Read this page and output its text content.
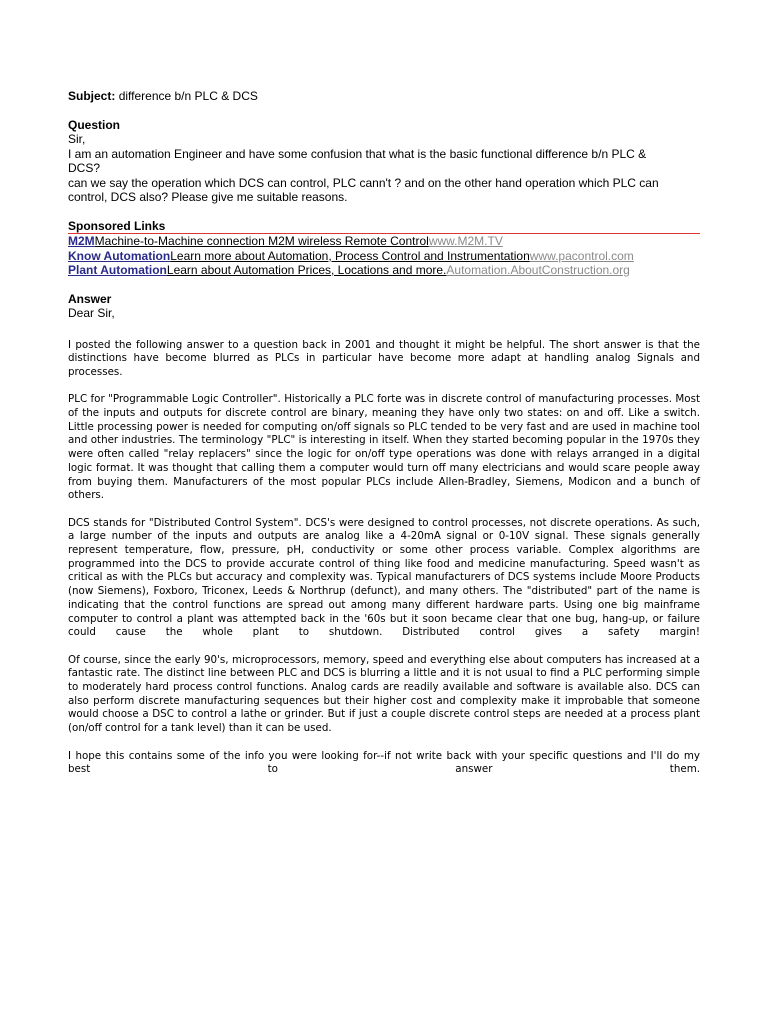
Subject: difference b/n PLC & DCS
Question
Sir,
I am an automation Engineer and have some confusion that what is the basic functional difference b/n PLC &
DCS?
can we say the operation which DCS can control, PLC cann't ? and on the other hand operation which PLC can
control, DCS also? Please give me suitable reasons.
Sponsored Links
M2MMachine-to-Machine connection M2M wireless Remote Controlwww.M2M.TV
Know AutomationLearn more about Automation, Process Control and Instrumentationwww.pacontrol.com
Plant AutomationLearn about Automation Prices, Locations and more.Automation.AboutConstruction.org
Answer
Dear Sir,

I posted the following answer to a question back in 2001 and thought it might be helpful. The short answer is that the distinctions have become blurred as PLCs in particular have become more adapt at handling analog Signals and processes.

PLC for "Programmable Logic Controller". Historically a PLC forte was in discrete control of manufacturing processes. Most of the inputs and outputs for discrete control are binary, meaning they have only two states: on and off. Like a switch. Little processing power is needed for computing on/off signals so PLC tended to be very fast and are used in machine tool and other industries. The terminology "PLC" is interesting in itself. When they started becoming popular in the 1970s they were often called "relay replacers" since the logic for on/off type operations was done with relays arranged in a digital logic format. It was thought that calling them a computer would turn off many electricians and would scare people away from buying them. Manufacturers of the most popular PLCs include Allen-Bradley, Siemens, Modicon and a bunch of others.

DCS stands for "Distributed Control System". DCS's were designed to control processes, not discrete operations. As such, a large number of the inputs and outputs are analog like a 4-20mA signal or 0-10V signal. These signals generally represent temperature, flow, pressure, pH, conductivity or some other process variable. Complex algorithms are programmed into the DCS to provide accurate control of thing like food and medicine manufacturing. Speed wasn't as critical as with the PLCs but accuracy and complexity was. Typical manufacturers of DCS systems include Moore Products (now Siemens), Foxboro, Triconex, Leeds & Northrup (defunct), and many others. The "distributed" part of the name is indicating that the control functions are spread out among many different hardware parts. Using one big mainframe computer to control a plant was attempted back in the '60s but it soon became clear that one bug, hang-up, or failure could cause the whole plant to shutdown. Distributed control gives a safety margin!

Of course, since the early 90's, microprocessors, memory, speed and everything else about computers has increased at a fantastic rate. The distinct line between PLC and DCS is blurring a little and it is not usual to find a PLC performing simple to moderately hard process control functions. Analog cards are readily available and software is available also. DCS can also perform discrete manufacturing sequences but their higher cost and complexity make it improbable that someone would choose a DSC to control a lathe or grinder. But if just a couple discrete control steps are needed at a process plant (on/off control for a tank level) than it can be used.

I hope this contains some of the info you were looking for--if not write back with your specific questions and I'll do my best to answer them.
